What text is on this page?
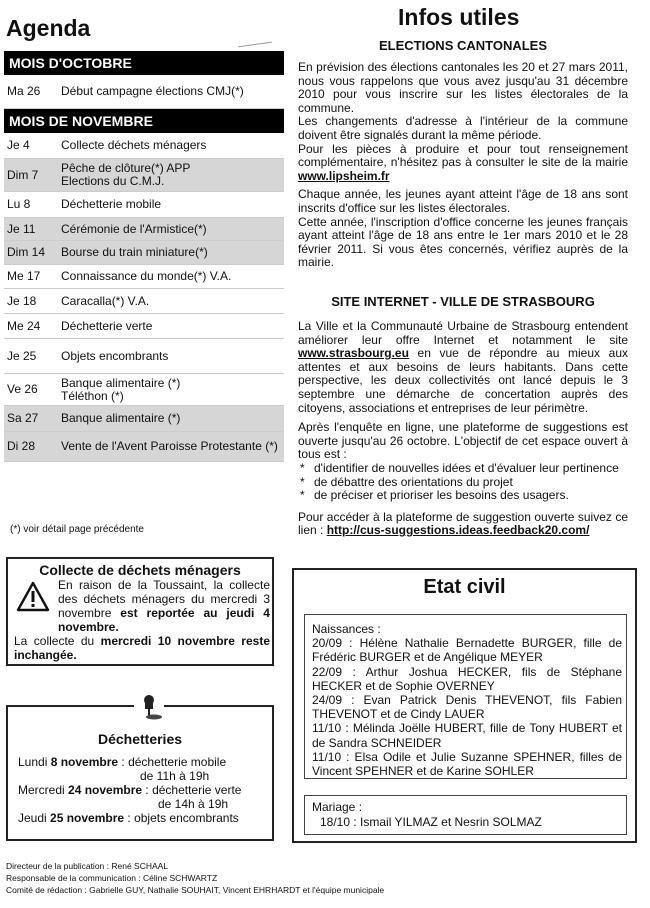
Agenda
MOIS D'OCTOBRE
Ma 26	Début campagne élections CMJ(*)
MOIS DE NOVEMBRE
Je 4	Collecte déchets ménagers
Dim 7	Pêche de clôture(*) APP
Elections du C.M.J.
Lu 8	Déchetterie mobile
Je 11	Cérémonie de l'Armistice(*)
Dim 14	Bourse du train miniature(*)
Me 17	Connaissance du monde(*) V.A.
Je 18	Caracalla(*) V.A.
Me 24	Déchetterie verte
Je 25	Objets encombrants
Ve 26	Banque alimentaire (*)
Téléthon (*)
Sa 27	Banque alimentaire (*)
Di 28	Vente de l'Avent Paroisse Protestante (*)
(*) voir détail page précédente
Collecte de déchets ménagers
En raison de la Toussaint, la collecte des déchets ménagers du mercredi 3 novembre est reportée au jeudi 4 novembre.
La collecte du mercredi 10 novembre reste inchangée.
Déchetteries
Lundi 8 novembre : déchetterie mobile
de 11h à 19h
Mercredi 24 novembre : déchetterie verte
de 14h à 19h
Jeudi 25 novembre : objets encombrants
Directeur de la publication : René SCHAAL
Responsable de la communication : Céline SCHWARTZ
Comité de rédaction : Gabrielle GUY, Nathalie SOUHAIT, Vincent EHRHARDT et l'équipe municipale
Infos utiles
ELECTIONS CANTONALES
En prévision des élections cantonales les 20 et 27 mars 2011, nous vous rappelons que vous avez jusqu'au 31 décembre 2010 pour vous inscrire sur les listes électorales de la commune.
Les changements d'adresse à l'intérieur de la commune doivent être signalés durant la même période.
Pour les pièces à produire et pour tout renseignement complémentaire, n'hésitez pas à consulter le site de la mairie www.lipsheim.fr
Chaque année, les jeunes ayant atteint l'âge de 18 ans sont inscrits d'office sur les listes électorales.
Cette année, l'inscription d'office concerne les jeunes français ayant atteint l'âge de 18 ans entre le 1er mars 2010 et le 28 février 2011. Si vous êtes concernés, vérifiez auprès de la mairie.
SITE INTERNET - VILLE DE STRASBOURG
La Ville et la Communauté Urbaine de Strasbourg entendent améliorer leur offre Internet et notamment le site www.strasbourg.eu en vue de répondre au mieux aux attentes et aux besoins de leurs habitants. Dans cette perspective, les deux collectivités ont lancé depuis le 3 septembre une démarche de concertation auprès des citoyens, associations et entreprises de leur périmètre.
Après l'enquête en ligne, une plateforme de suggestions est ouverte jusqu'au 26 octobre. L'objectif de cet espace ouvert à tous est :
* d'identifier de nouvelles idées et d'évaluer leur pertinence
* de débattre des orientations du projet
* de préciser et prioriser les besoins des usagers.
Pour accéder à la plateforme de suggestion ouverte suivez ce lien : http://cus-suggestions.ideas.feedback20.com/
Etat civil
Naissances :
20/09 : Hélène Nathalie Bernadette BURGER, fille de Frédéric BURGER et de Angélique MEYER
22/09 : Arthur Joshua HECKER, fils de Stéphane HECKER et de Sophie OVERNEY
24/09 : Evan Patrick Denis THEVENOT, fils Fabien THEVENOT et de Cindy LAUER
11/10 : Mélinda Joëlle HUBERT, fille de Tony HUBERT et de Sandra SCHNEIDER
11/10 : Elsa Odile et Julie Suzanne SPEHNER, filles de Vincent SPEHNER et de Karine SOHLER
Mariage :
18/10 : Ismail YILMAZ et Nesrin SOLMAZ
